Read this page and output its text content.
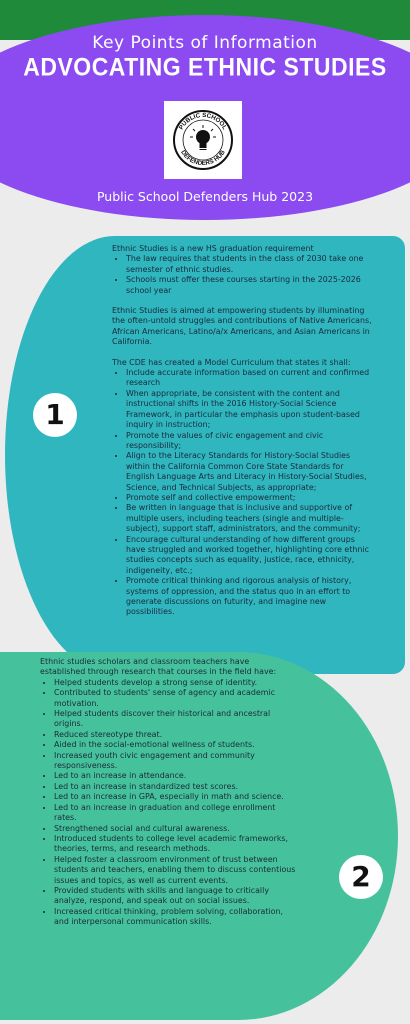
Key Points of Information
ADVOCATING ETHNIC STUDIES
PUBLIC SCHOOL
DEFENDERS HUB
Public School Defenders Hub 2023
1

Ethnic Studies is a new HS graduation requirement

• The law requires that students in the class of 2030 take one semester of ethnic studies.
• Schools must offer these courses starting in the 2025-2026 school year

Ethnic Studies is aimed at empowering students by illuminating the often-untold struggles and contributions of Native Americans, African Americans, Latino/a/x Americans, and Asian Americans in California.

The CDE has created a Model Curriculum that states it shall:

• Include accurate information based on current and confirmed research
• When appropriate, be consistent with the content and instructional shifts in the 2016 History-Social Science Framework, in particular the emphasis upon student-based inquiry in instruction;
• Promote the values of civic engagement and civic responsibility;
• Align to the Literacy Standards for History-Social Studies within the California Common Core State Standards for English Language Arts and Literacy in History-Social Studies, Science, and Technical Subjects, as appropriate;
• Promote self and collective empowerment;
• Be written in language that is inclusive and supportive of multiple users, including teachers (single and multiple-subject), support staff, administrators, and the community;
• Encourage cultural understanding of how different groups have struggled and worked together, highlighting core ethnic studies concepts such as equality, justice, race, ethnicity, indigeneity, etc.;
• Promote critical thinking and rigorous analysis of history, systems of oppression, and the status quo in an effort to generate discussions on futurity, and imagine new possibilities.

Ethnic studies scholars and classroom teachers have established through research that courses in the field have:

• Helped students develop a strong sense of identity.
• Contributed to students' sense of agency and academic motivation.
• Helped students discover their historical and ancestral origins.
• Reduced stereotype threat.
• Aided in the social-emotional wellness of students.
• Increased youth civic engagement and community responsiveness.
• Led to an increase in attendance.
• Led to an increase in standardized test scores.
• Led to an increase in GPA, especially in math and science.
• Led to an increase in graduation and college enrollment rates.
• Strengthened social and cultural awareness.
• Introduced students to college level academic frameworks, theories, terms, and research methods.
• Helped foster a classroom environment of trust between students and teachers, enabling them to discuss contentious issues and topics, as well as current events.
• Provided students with skills and language to critically analyze, respond, and speak out on social issues.
• Increased critical thinking, problem solving, collaboration, and interpersonal communication skills.
2
